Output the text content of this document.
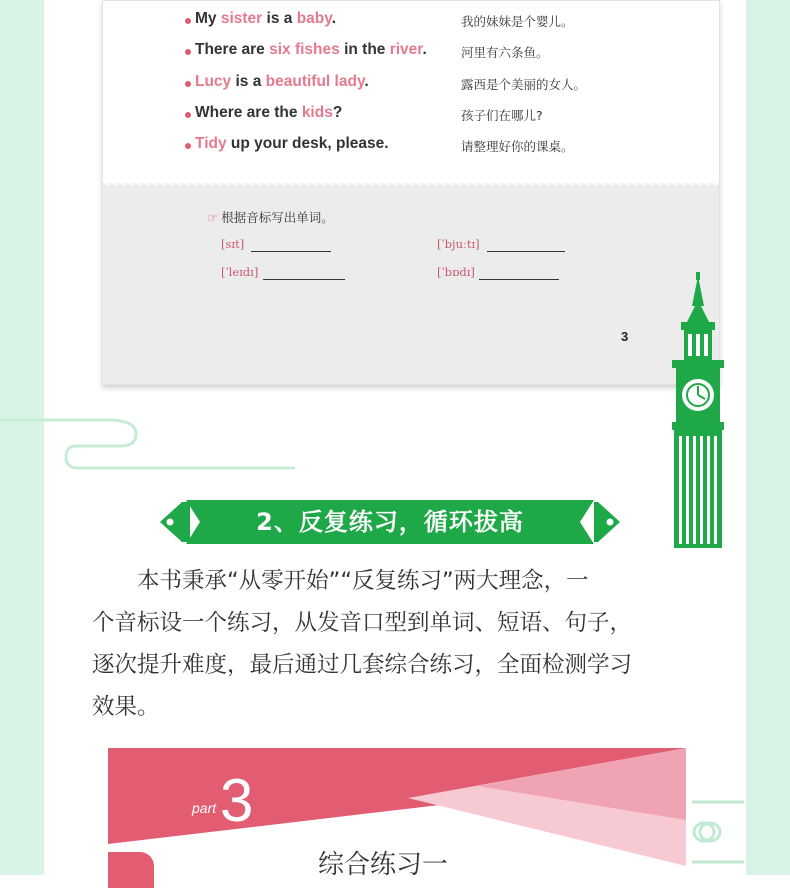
My sister is a baby.	我的妹妹是个婴儿。
There are six fishes in the river.	河里有六条鱼。
Lucy is a beautiful lady.	露西是个美丽的女人。
Where are the kids?	孩子们在哪儿?
Tidy up your desk, please.	请整理好你的课桌。
☞ 根据音标写出单词。
[sɪt]	[ˈbjuːtɪ]
[ˈleɪdɪ]	[ˈbɒdɪ]
3
2、反复练习，循环拔高

　　本书秉承“从零开始”“反复练习”两大理念，一

个音标设一个练习，从发音口型到单词、短语、句子，

逐次提升难度，最后通过几套综合练习，全面检测学习

效果。

part 3
综合练习一
